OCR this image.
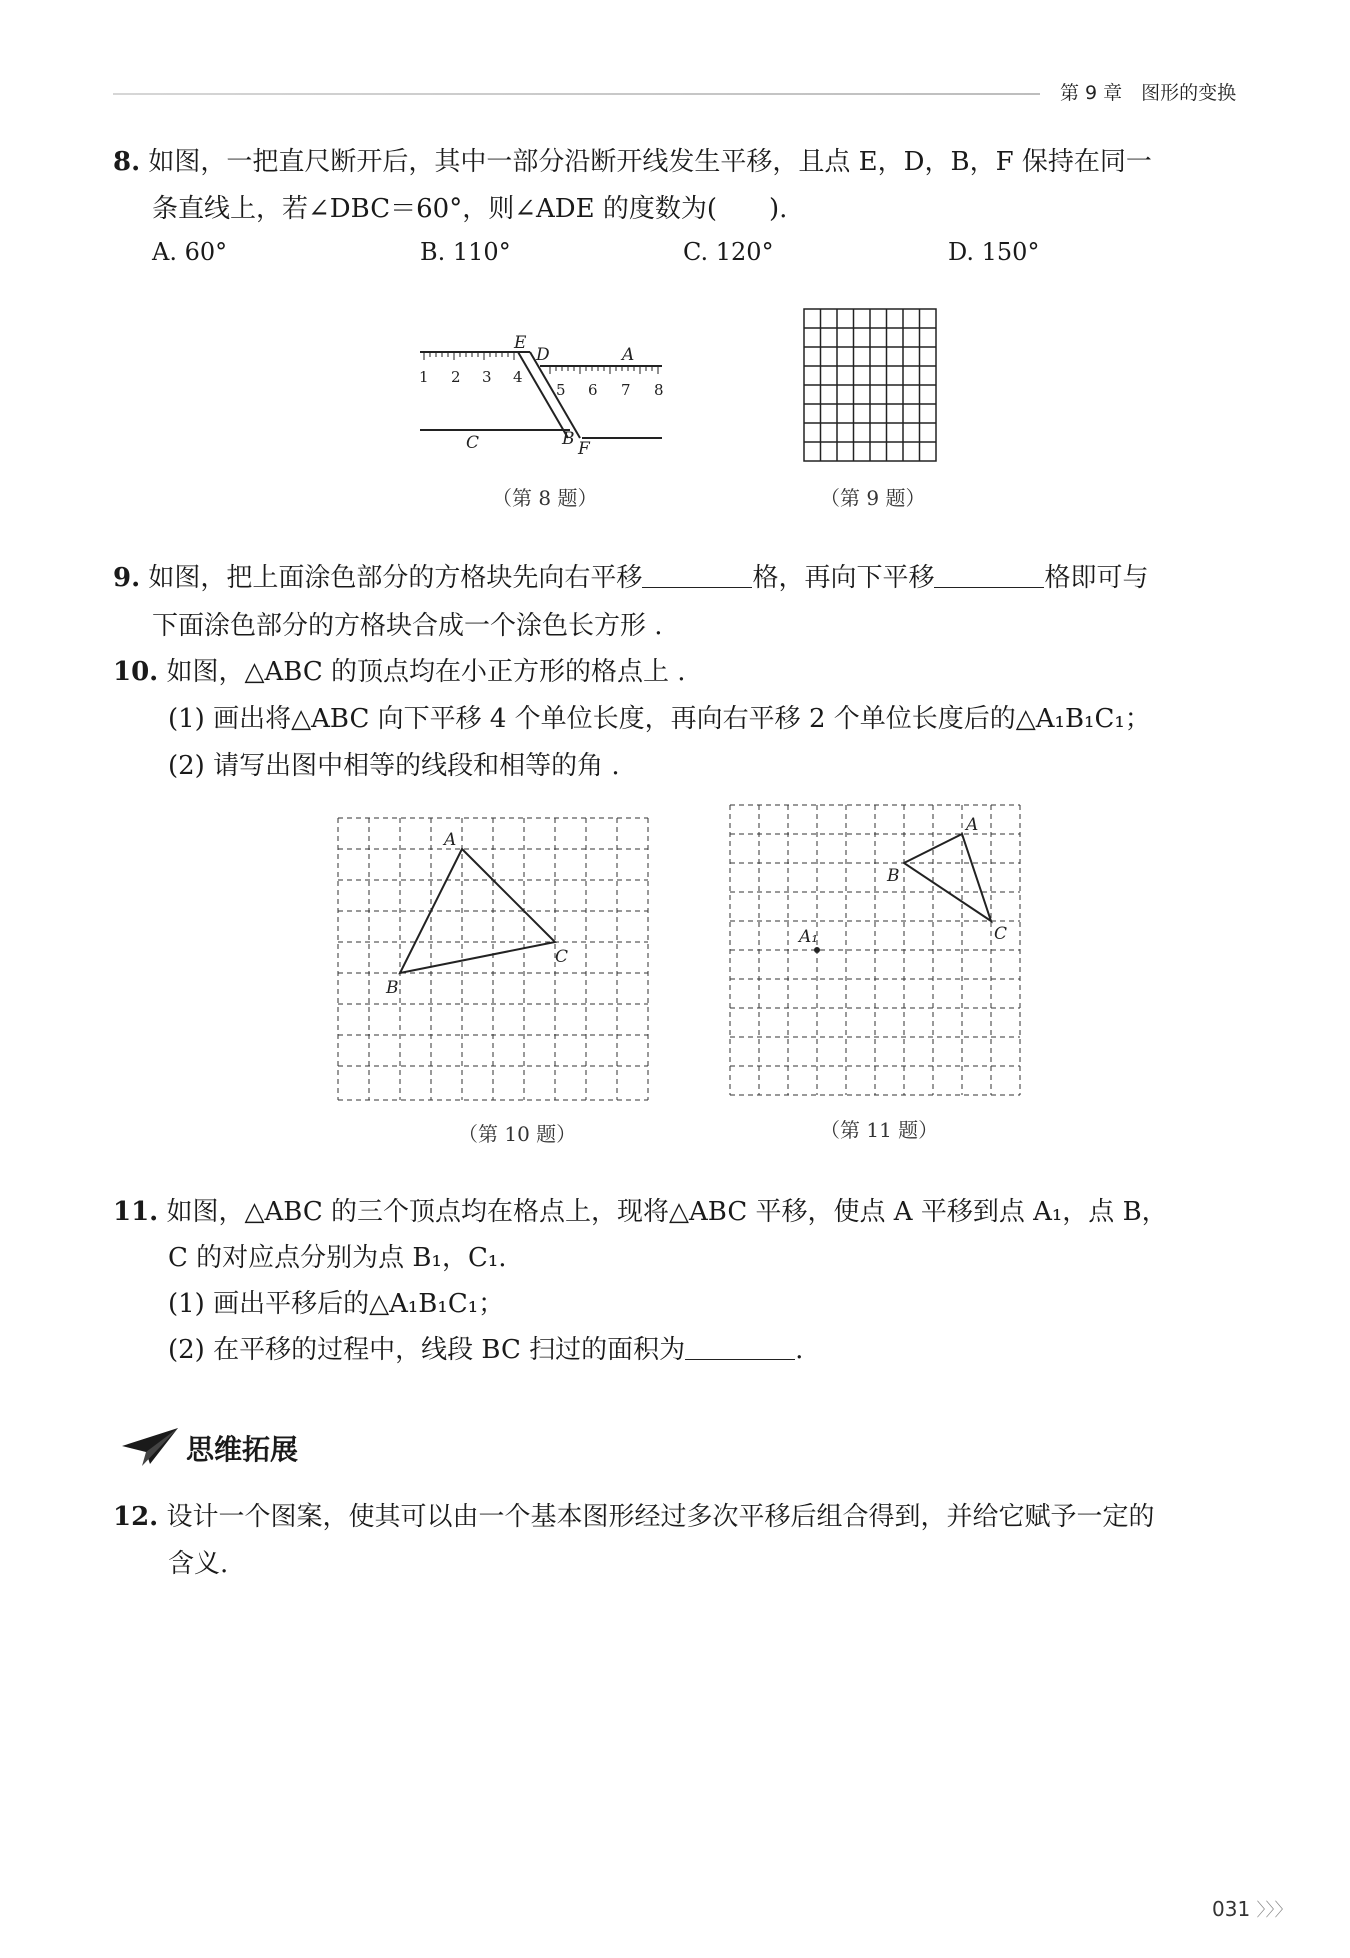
第 9 章　图形的变换
8. 如图，一把直尺断开后，其中一部分沿断开线发生平移，且点 E，D，B，F 保持在同一
条直线上，若∠DBC＝60°，则∠ADE 的度数为(　　).
A. 60°	B. 110°	C. 120°	D. 150°
1 2 3 4
5 6 7 8
E
D	A
C	B F
（第 8 题）	（第 9 题）
9. 如图，把上面涂色部分的方格块先向右平移	格，再向下平移	格即可与
下面涂色部分的方格块合成一个涂色长方形 .
10. 如图，△ABC 的顶点均在小正方形的格点上 .
(1) 画出将△ABC 向下平移 4 个单位长度，再向右平移 2 个单位长度后的△A₁B₁C₁；
(2) 请写出图中相等的线段和相等的角 .
A
B
C
（第 10 题）
A
B
C
A₁
（第 11 题）
11. 如图，△ABC 的三个顶点均在格点上，现将△ABC 平移，使点 A 平移到点 A₁，点 B，
C 的对应点分别为点 B₁，C₁.
(1) 画出平移后的△A₁B₁C₁；
(2) 在平移的过程中，线段 BC 扫过的面积为	.
思维拓展
12. 设计一个图案，使其可以由一个基本图形经过多次平移后组合得到，并给它赋予一定的
含义.
031 〉〉〉
